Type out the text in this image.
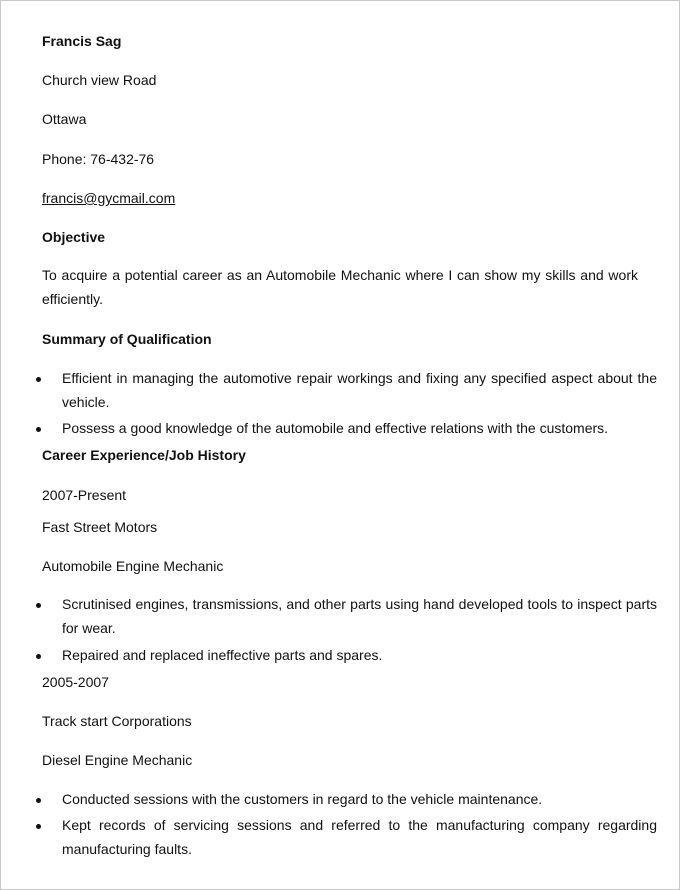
Francis Sag
Church view Road
Ottawa
Phone: 76-432-76
francis@gycmail.com
Objective
To acquire a potential career as an Automobile Mechanic where I can show my skills and work efficiently.
Summary of Qualification
Efficient in managing the automotive repair workings and fixing any specified aspect about the vehicle.
Possess a good knowledge of the automobile and effective relations with the customers.
Career Experience/Job History
2007-Present
Fast Street Motors
Automobile Engine Mechanic
Scrutinised engines, transmissions, and other parts using hand developed tools to inspect parts for wear.
Repaired and replaced ineffective parts and spares.
2005-2007
Track start Corporations
Diesel Engine Mechanic
Conducted sessions with the customers in regard to the vehicle maintenance.
Kept records of servicing sessions and referred to the manufacturing company regarding manufacturing faults.
